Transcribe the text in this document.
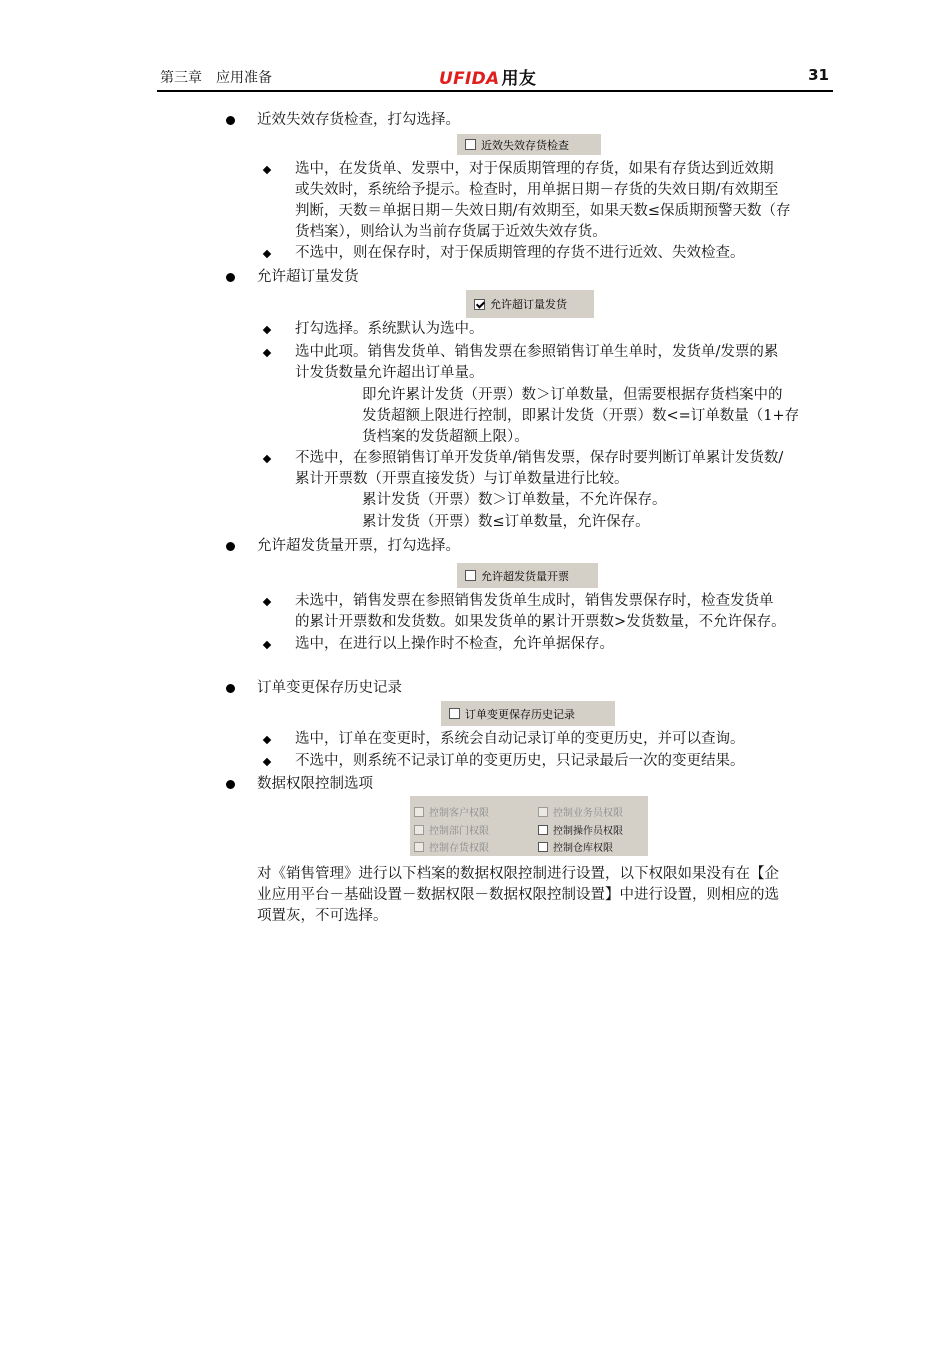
第三章　应用准备	UFIDA 用友	31
近效失效存货检查，打勾选择。
近效失效存货检查
选中，在发货单、发票中，对于保质期管理的存货，如果有存货达到近效期
或失效时，系统给予提示。检查时，用单据日期－存货的失效日期/有效期至
判断，天数＝单据日期－失效日期/有效期至，如果天数≤保质期预警天数（存
货档案），则给认为当前存货属于近效失效存货。
不选中，则在保存时，对于保质期管理的存货不进行近效、失效检查。
允许超订量发货
允许超订量发货
打勾选择。系统默认为选中。
选中此项。销售发货单、销售发票在参照销售订单生单时，发货单/发票的累
计发货数量允许超出订单量。
即允许累计发货（开票）数＞订单数量，但需要根据存货档案中的
发货超额上限进行控制，即累计发货（开票）数<=订单数量（1+存
货档案的发货超额上限）。
不选中，在参照销售订单开发货单/销售发票，保存时要判断订单累计发货数/
累计开票数（开票直接发货）与订单数量进行比较。
累计发货（开票）数＞订单数量，不允许保存。
累计发货（开票）数≤订单数量，允许保存。
允许超发货量开票，打勾选择。
允许超发货量开票
未选中，销售发票在参照销售发货单生成时，销售发票保存时，检查发货单
的累计开票数和发货数。如果发货单的累计开票数>发货数量，不允许保存。
选中，在进行以上操作时不检查，允许单据保存。
订单变更保存历史记录
订单变更保存历史记录
选中，订单在变更时，系统会自动记录订单的变更历史，并可以查询。
不选中，则系统不记录订单的变更历史，只记录最后一次的变更结果。
数据权限控制选项
控制客户权限	控制业务员权限
控制部门权限	控制操作员权限
控制存货权限	控制仓库权限
对《销售管理》进行以下档案的数据权限控制进行设置，以下权限如果没有在【企
业应用平台－基础设置－数据权限－数据权限控制设置】中进行设置，则相应的选
项置灰，不可选择。
